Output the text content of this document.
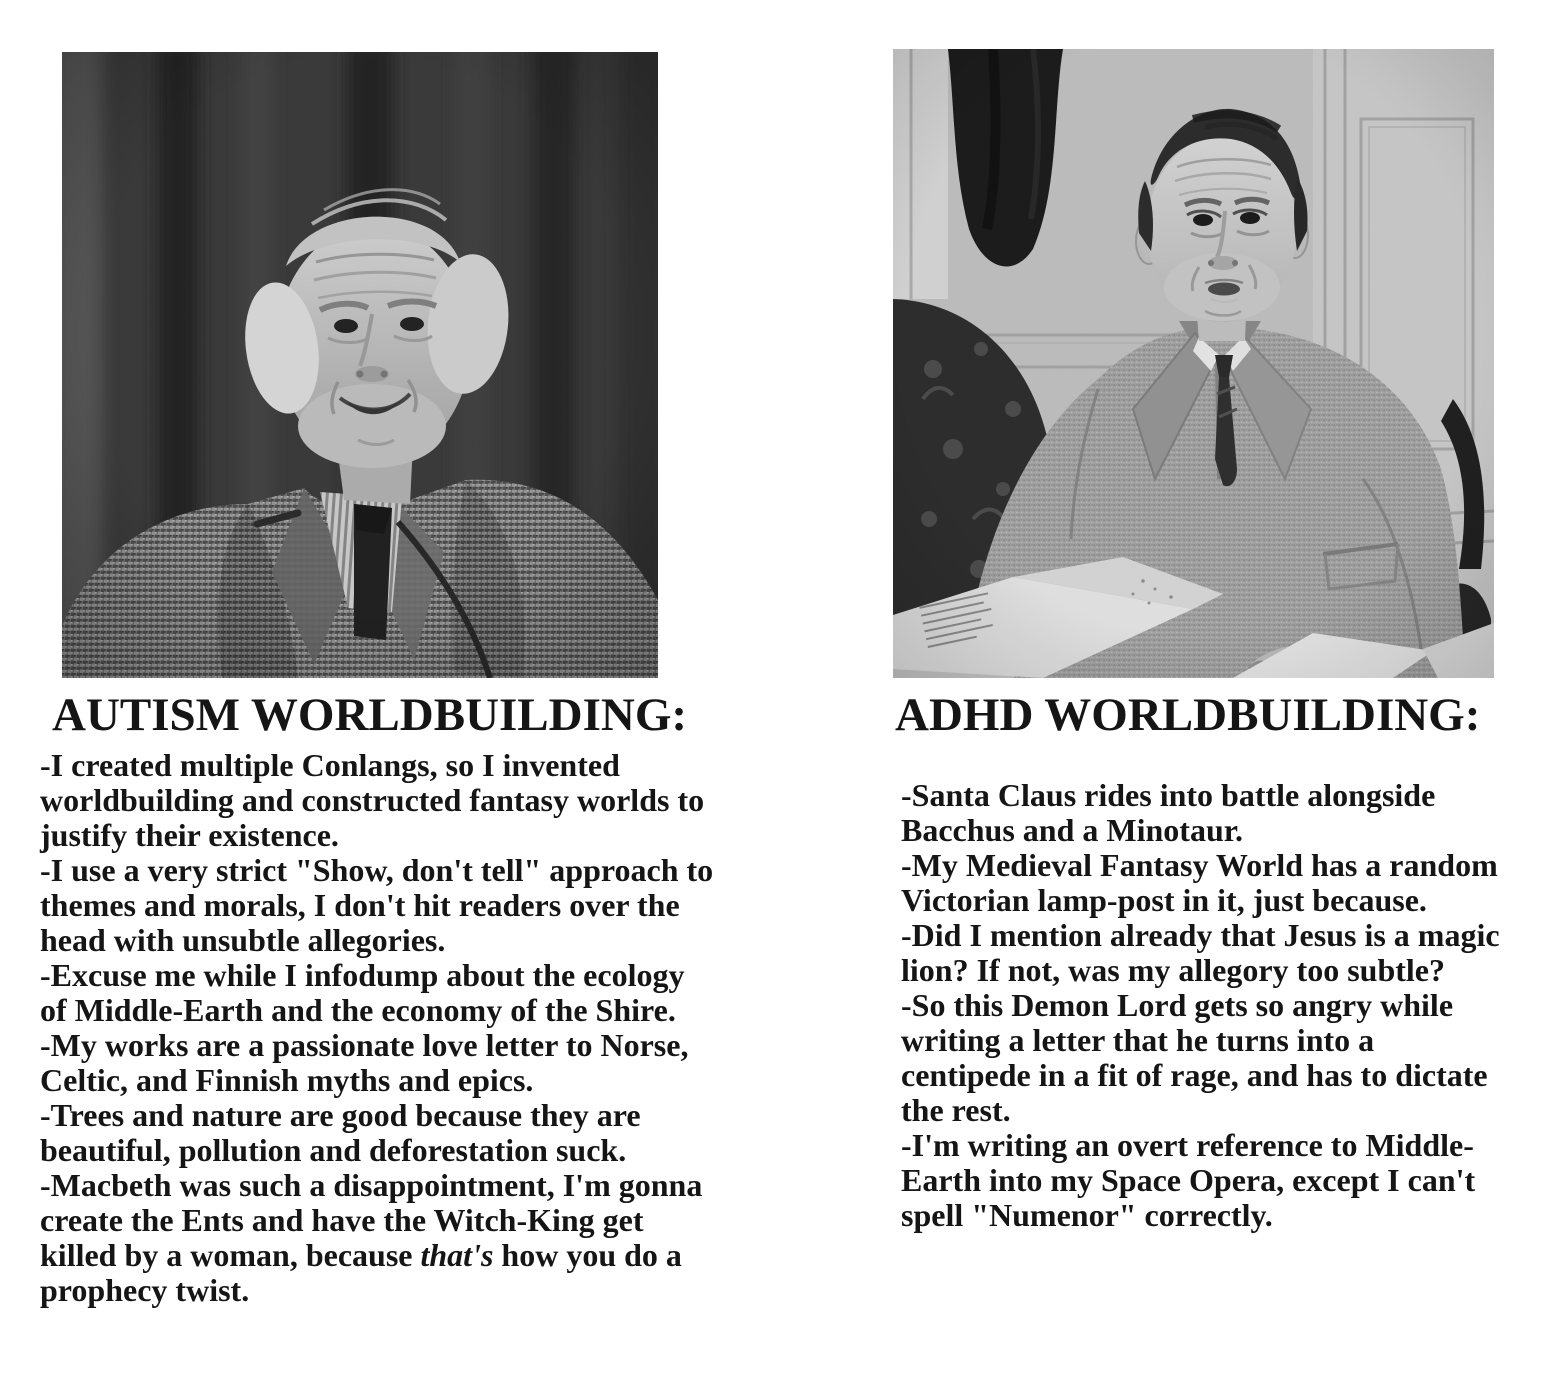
AUTISM WORLDBUILDING:	ADHD WORLDBUILDING:
-I created multiple Conlangs, so I invented
worldbuilding and constructed fantasy worlds to
justify their existence.
-I use a very strict "Show, don't tell" approach to
themes and morals, I don't hit readers over the
head with unsubtle allegories.
-Excuse me while I infodump about the ecology
of Middle-Earth and the economy of the Shire.
-My works are a passionate love letter to Norse,
Celtic, and Finnish myths and epics.
-Trees and nature are good because they are
beautiful, pollution and deforestation suck.
-Macbeth was such a disappointment, I'm gonna
create the Ents and have the Witch-King get
killed by a woman, because that's how you do a
prophecy twist.
-Santa Claus rides into battle alongside
Bacchus and a Minotaur.
-My Medieval Fantasy World has a random
Victorian lamp-post in it, just because.
-Did I mention already that Jesus is a magic
lion? If not, was my allegory too subtle?
-So this Demon Lord gets so angry while
writing a letter that he turns into a
centipede in a fit of rage, and has to dictate
the rest.
-I'm writing an overt reference to Middle-
Earth into my Space Opera, except I can't
spell "Numenor" correctly.
